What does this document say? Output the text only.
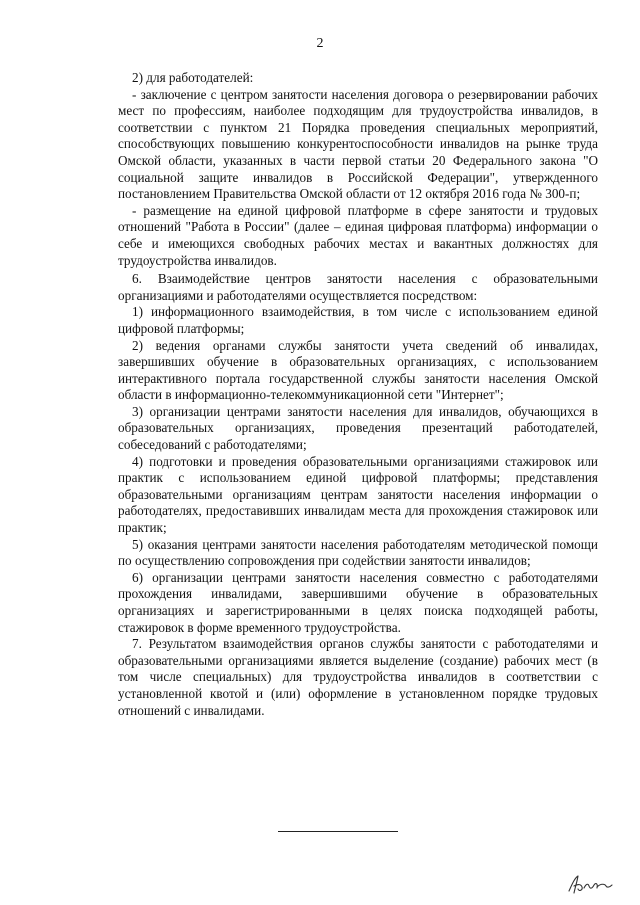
2

2) для работодателей:

- заключение с центром занятости населения договора о резервировании рабочих мест по профессиям, наиболее подходящим для трудоустройства инвалидов, в соответствии с пунктом 21 Порядка проведения специальных мероприятий, способствующих повышению конкурентоспособности инвалидов на рынке труда Омской области, указанных в части первой статьи 20 Федерального закона "О социальной защите инвалидов в Российской Федерации", утвержденного постановлением Правительства Омской области от 12 октября 2016 года № 300-п;

- размещение на единой цифровой платформе в сфере занятости и трудовых отношений "Работа в России" (далее – единая цифровая платформа) информации о себе и имеющихся свободных рабочих местах и вакантных должностях для трудоустройства инвалидов.

6. Взаимодействие центров занятости населения с образовательными организациями и работодателями осуществляется посредством:

1) информационного взаимодействия, в том числе с использованием единой цифровой платформы;

2) ведения органами службы занятости учета сведений об инвалидах, завершивших обучение в образовательных организациях, с использованием интерактивного портала государственной службы занятости населения Омской области в информационно-телекоммуникационной сети "Интернет";

3) организации центрами занятости населения для инвалидов, обучающихся в образовательных организациях, проведения презентаций работодателей, собеседований с работодателями;

4) подготовки и проведения образовательными организациями стажировок или практик с использованием единой цифровой платформы; представления образовательными организациям центрам занятости населения информации о работодателях, предоставивших инвалидам места для прохождения стажировок или практик;

5) оказания центрами занятости населения работодателям методической помощи по осуществлению сопровождения при содействии занятости инвалидов;

6) организации центрами занятости населения совместно с работодателями прохождения инвалидами, завершившими обучение в образовательных организациях и зарегистрированными в целях поиска подходящей работы, стажировок в форме временного трудоустройства.

7. Результатом взаимодействия органов службы занятости с работодателями и образовательными организациями является выделение (создание) рабочих мест (в том числе специальных) для трудоустройства инвалидов в соответствии с установленной квотой и (или) оформление в установленном порядке трудовых отношений с инвалидами.
